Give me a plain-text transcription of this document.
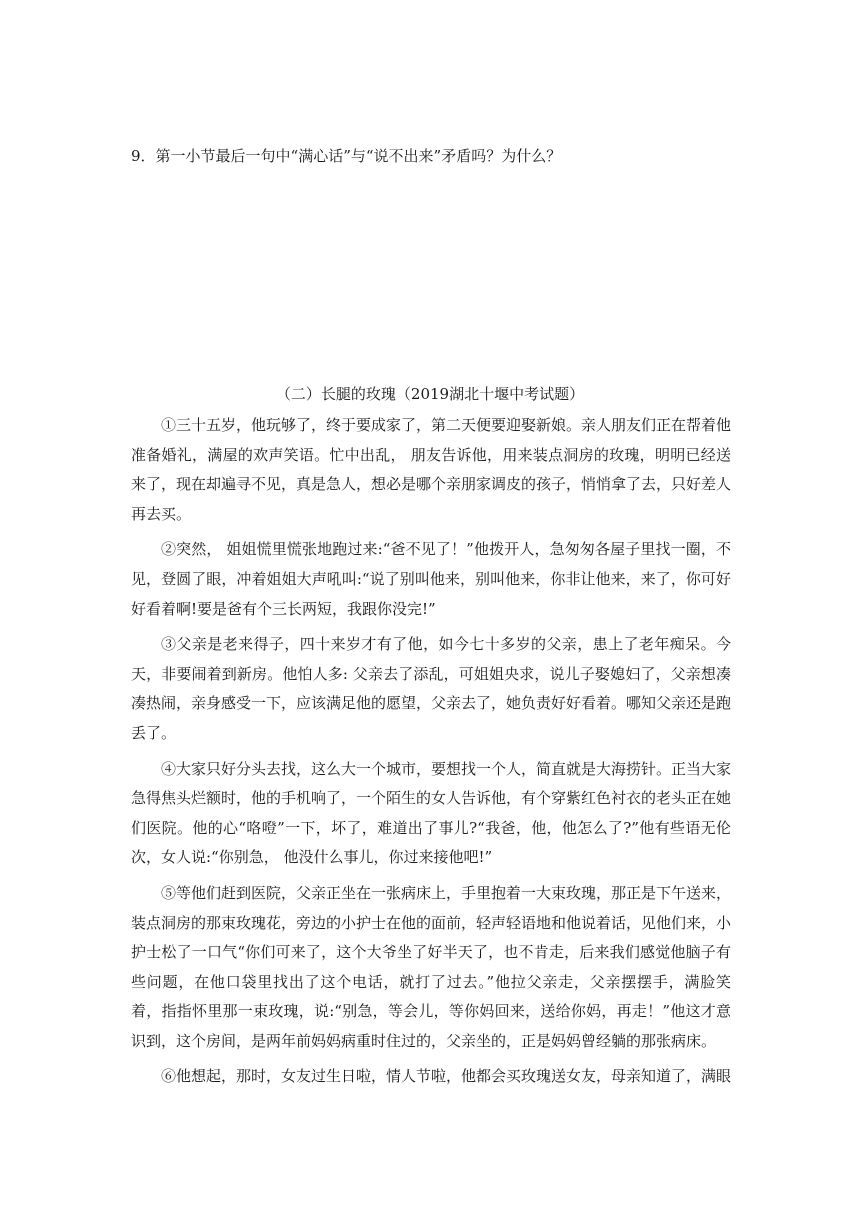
9．第一小节最后一句中“满心话”与“说不出来”矛盾吗？为什么？
（二）长腿的玫瑰（2019湖北十堰中考试题）

①三十五岁，他玩够了，终于要成家了，第二天便要迎娶新娘。亲人朋友们正在帮着他准备婚礼，满屋的欢声笑语。忙中出乱， 朋友告诉他，用来装点洞房的玫瑰，明明已经送来了，现在却遍寻不见，真是急人，想必是哪个亲朋家调皮的孩子，悄悄拿了去，只好差人再去买。

②突然， 姐姐慌里慌张地跑过来:“爸不见了！”他拨开人，急匆匆各屋子里找一圈，不见，登圆了眼，冲着姐姐大声吼叫:“说了别叫他来，别叫他来，你非让他来，来了，你可好好看着啊!要是爸有个三长两短，我跟你没完!”

③父亲是老来得子，四十来岁才有了他，如今七十多岁的父亲，患上了老年痴呆。今天，非要闹着到新房。他怕人多: 父亲去了添乱，可姐姐央求，说儿子娶媳妇了，父亲想凑凑热闹，亲身感受一下，应该满足他的愿望，父亲去了，她负责好好看着。哪知父亲还是跑丢了。

④大家只好分头去找，这么大一个城市，要想找一个人，简直就是大海捞针。正当大家急得焦头烂额时，他的手机响了，一个陌生的女人告诉他，有个穿紫红色衬衣的老头正在她们医院。他的心“咯噔”一下，坏了，难道出了事儿?“我爸，他，他怎么了?”他有些语无伦次，女人说:“你别急， 他没什么事儿，你过来接他吧!”

⑤等他们赶到医院，父亲正坐在一张病床上，手里抱着一大束玫瑰，那正是下午送来，装点洞房的那束玫瑰花，旁边的小护士在他的面前，轻声轻语地和他说着话，见他们来，小护士松了一口气“你们可来了，这个大爷坐了好半天了，也不肯走，后来我们感觉他脑子有些问题，在他口袋里找出了这个电话，就打了过去。”他拉父亲走，父亲摆摆手，满脸笑着，指指怀里那一束玫瑰，说:“别急，等会儿，等你妈回来，送给你妈，再走！”他这才意识到，这个房间，是两年前妈妈病重时住过的，父亲坐的，正是妈妈曾经躺的那张病床。

⑥他想起，那时，女友过生日啦，情人节啦，他都会买玫瑰送女友，母亲知道了，满眼
